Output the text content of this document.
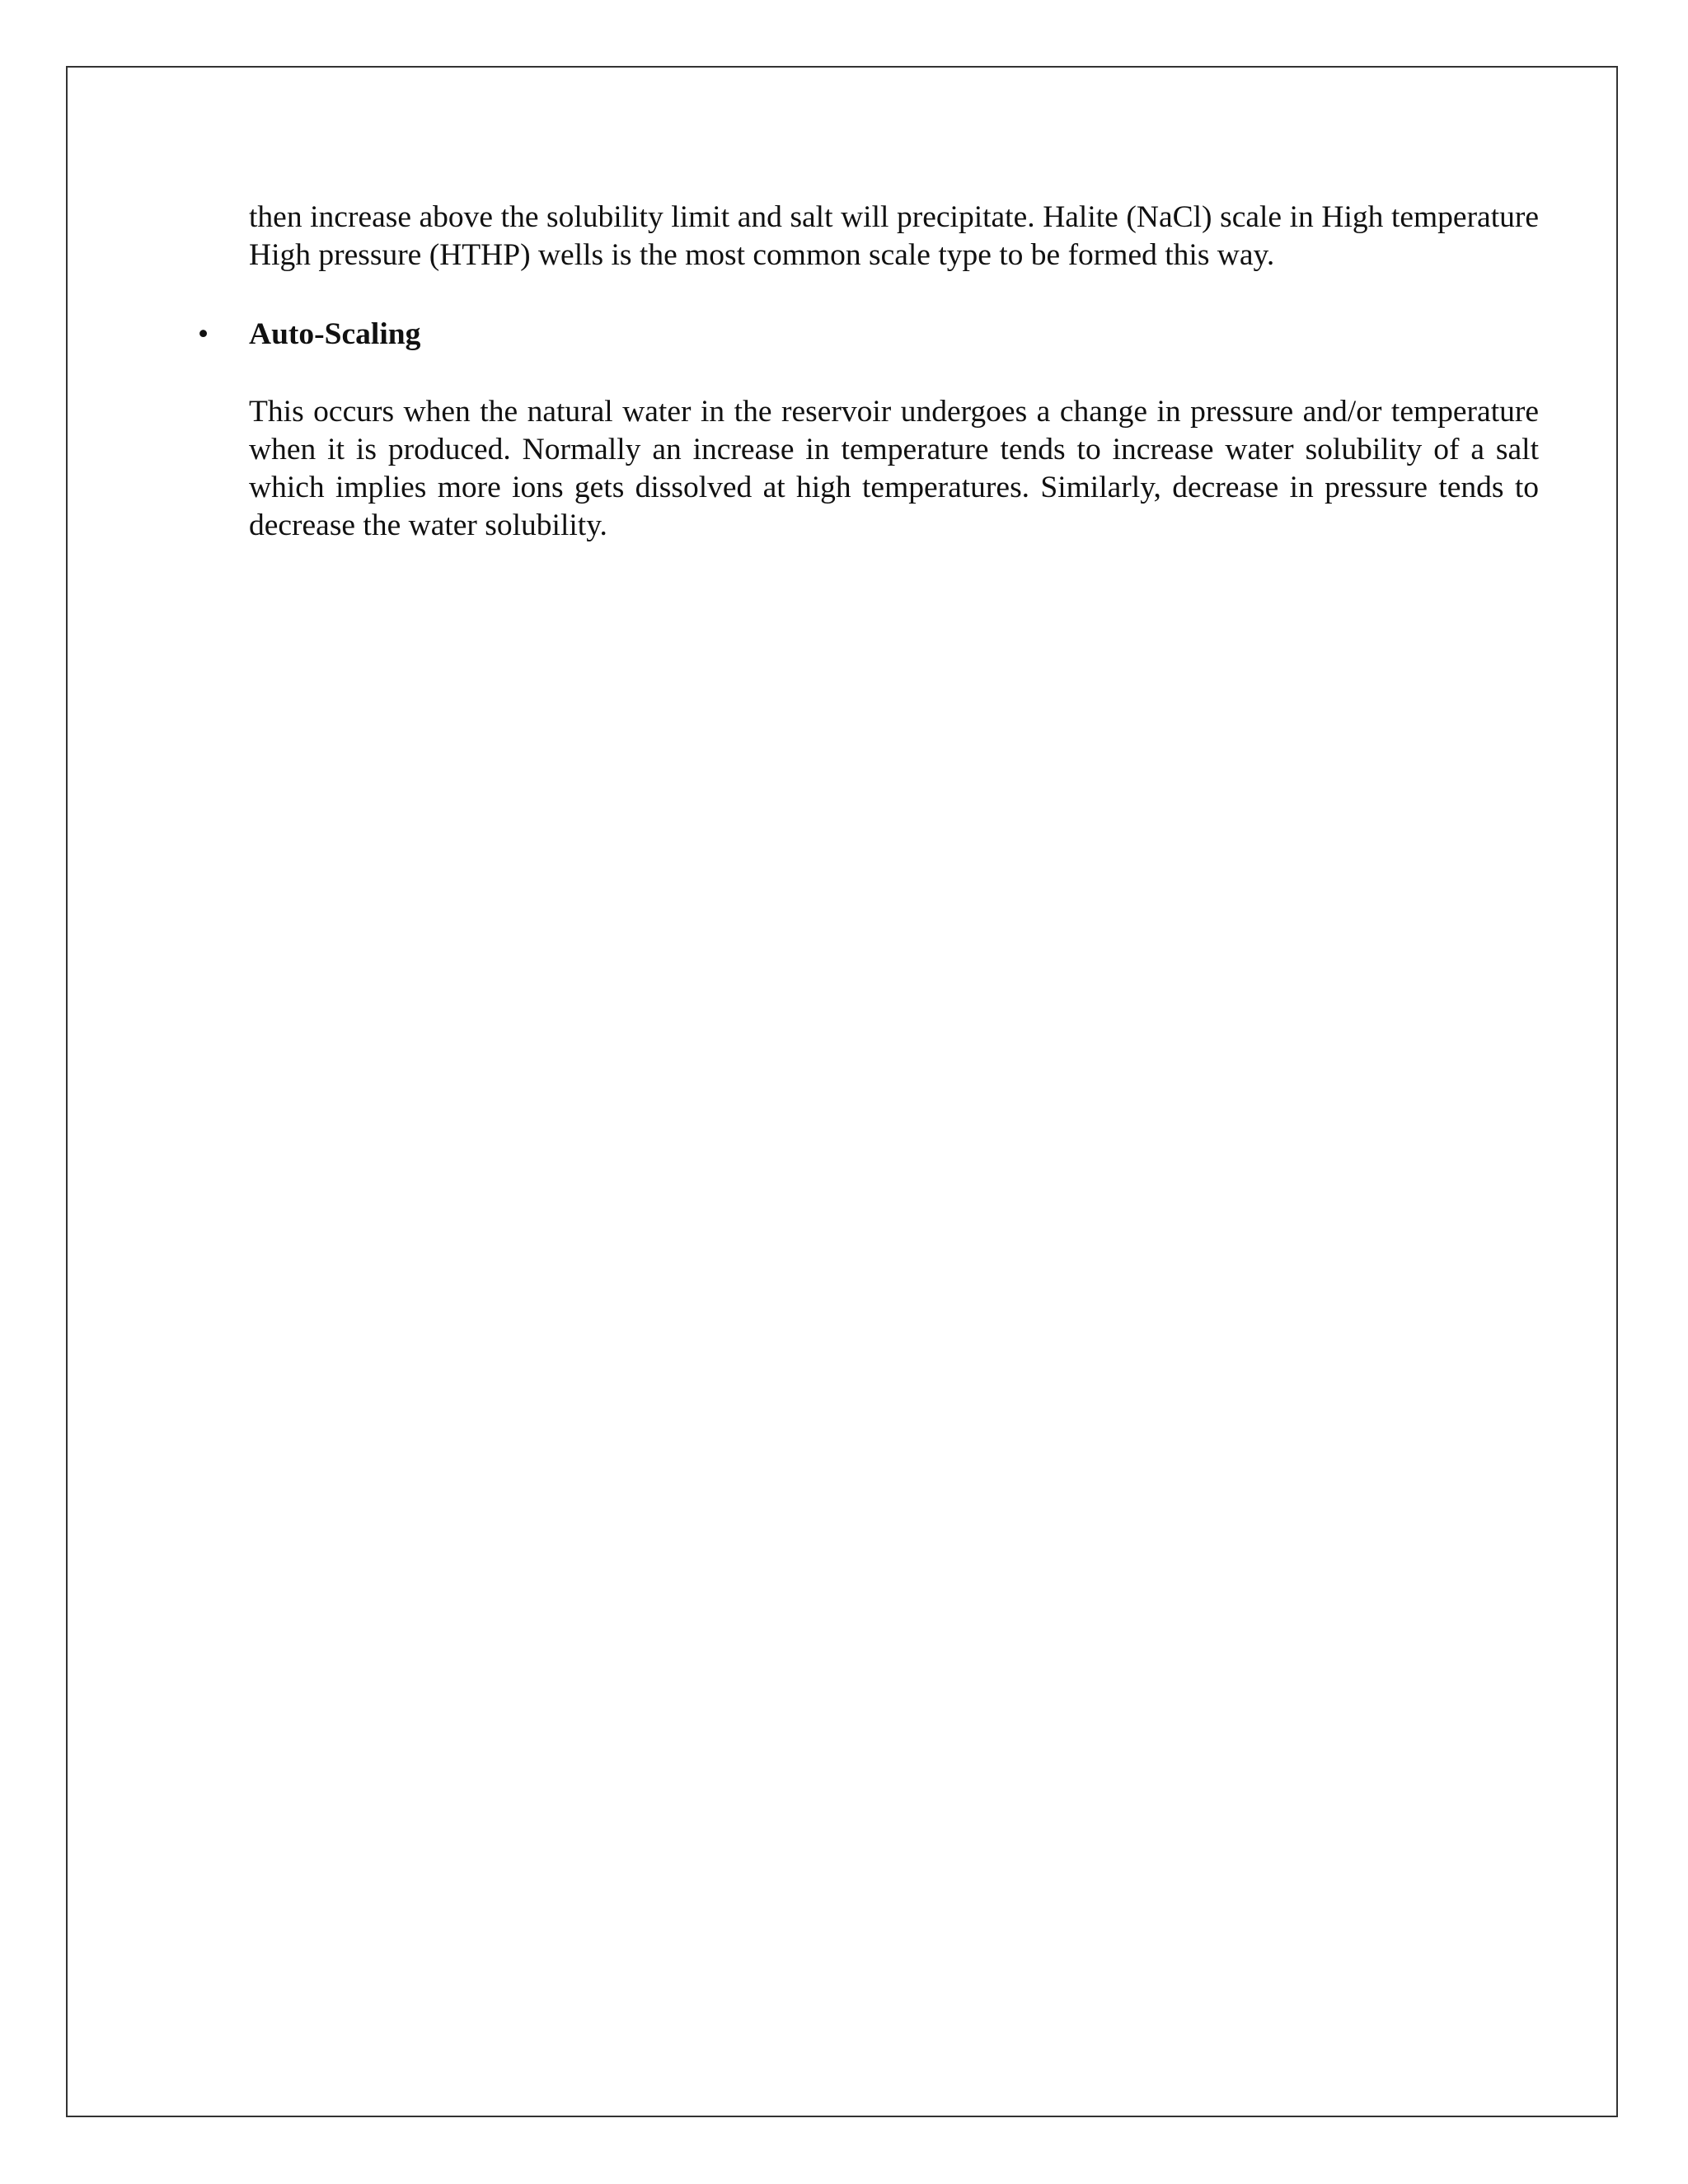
then increase above the solubility limit and salt will precipitate. Halite (NaCl) scale in High temperature High pressure (HTHP) wells is the most common scale type to be formed this way.

• Auto-Scaling

This occurs when the natural water in the reservoir undergoes a change in pressure and/or temperature when it is produced. Normally an increase in temperature tends to increase water solubility of a salt which implies more ions gets dissolved at high temperatures. Similarly, decrease in pressure tends to decrease the water solubility.
